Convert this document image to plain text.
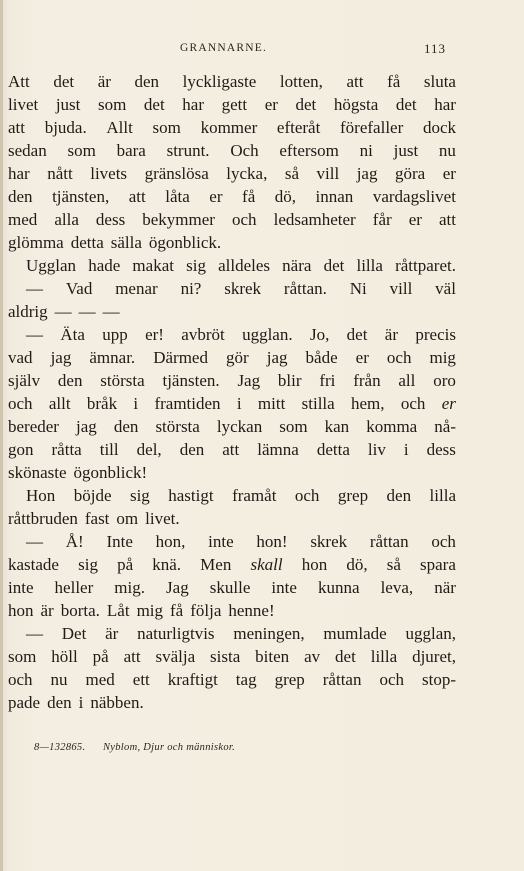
GRANNARNE.	113
Att det är den lyckligaste lotten, att få sluta
livet just som det har gett er det högsta det har
att bjuda. Allt som kommer efteråt förefaller dock
sedan som bara strunt. Och eftersom ni just nu
har nått livets gränslösa lycka, så vill jag göra er
den tjänsten, att låta er få dö, innan vardagslivet
med alla dess bekymmer och ledsamheter får er att
glömma detta sälla ögonblick.
Ugglan hade makat sig alldeles nära det lilla råttparet.
— Vad menar ni? skrek råttan. Ni vill väl
aldrig — — —
— Äta upp er! avbröt ugglan. Jo, det är precis
vad jag ämnar. Därmed gör jag både er och mig
själv den största tjänsten. Jag blir fri från all oro
och allt bråk i framtiden i mitt stilla hem, och er
bereder jag den största lyckan som kan komma nå-
gon råtta till del, den att lämna detta liv i dess
skönaste ögonblick!
Hon böjde sig hastigt framåt och grep den lilla
råttbruden fast om livet.
— Å! Inte hon, inte hon! skrek råttan och
kastade sig på knä. Men skall hon dö, så spara
inte heller mig. Jag skulle inte kunna leva, när
hon är borta. Låt mig få följa henne!
— Det är naturligtvis meningen, mumlade ugglan,
som höll på att svälja sista biten av det lilla djuret,
och nu med ett kraftigt tag grep råttan och stop-
pade den i näbben.
8—132865. Nyblom, Djur och människor.
